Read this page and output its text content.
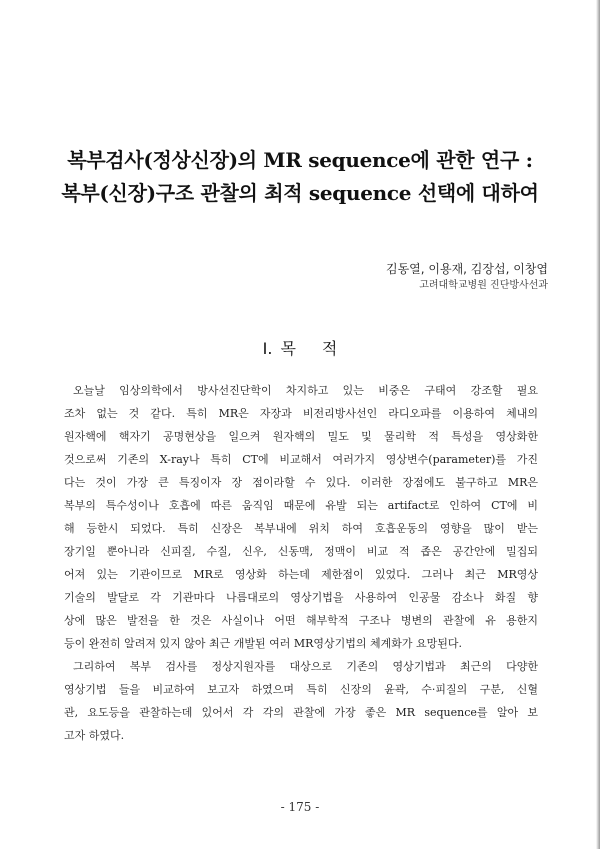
복부검사(정상신장)의 MR sequence에 관한 연구 :
복부(신장)구조 관찰의 최적 sequence 선택에 대하여
김동열, 이용재, 김장섭, 이창엽
고려대학교병원 진단방사선과
I. 목 적
오늘날 임상의학에서 방사선진단학이 차지하고 있는 비중은 구태여 강조할 필요
조차 없는 것 같다. 특히 MR은 자장과 비전리방사선인 라디오파를 이용하여 체내의
원자핵에 핵자기 공명현상을 일으켜 원자핵의 밀도 및 물리학 적 특성을 영상화한
것으로써 기존의 X-ray나 특히 CT에 비교해서 여러가지 영상변수(parameter)를 가진
다는 것이 가장 큰 특징이자 장 점이라할 수 있다. 이러한 장점에도 불구하고 MR은
복부의 특수성이나 호흡에 따른 움직임 때문에 유발 되는 artifact로 인하여 CT에 비
해 등한시 되었다. 특히 신장은 복부내에 위치 하여 호흡운동의 영향을 많이 받는
장기일 뿐아니라 신피질, 수질, 신우, 신동맥, 정맥이 비교 적 좁은 공간안에 밀집되
어져 있는 기관이므로 MR로 영상화 하는데 제한점이 있었다. 그러나 최근 MR영상
기술의 발달로 각 기관마다 나름대로의 영상기법을 사용하여 인공물 감소나 화질 향
상에 많은 발전을 한 것은 사실이나 어떤 해부학적 구조나 병변의 관찰에 유 용한지
등이 완전히 알려져 있지 않아 최근 개발된 여러 MR영상기법의 체계화가 요망된다.
그리하여 복부 검사를 정상지원자를 대상으로 기존의 영상기법과 최근의 다양한
영상기법 들을 비교하여 보고자 하였으며 특히 신장의 윤곽, 수·피질의 구분, 신혈
관, 요도등을 관찰하는데 있어서 각 각의 관찰에 가장 좋은 MR sequence를 알아 보
고자 하였다.
- 175 -
